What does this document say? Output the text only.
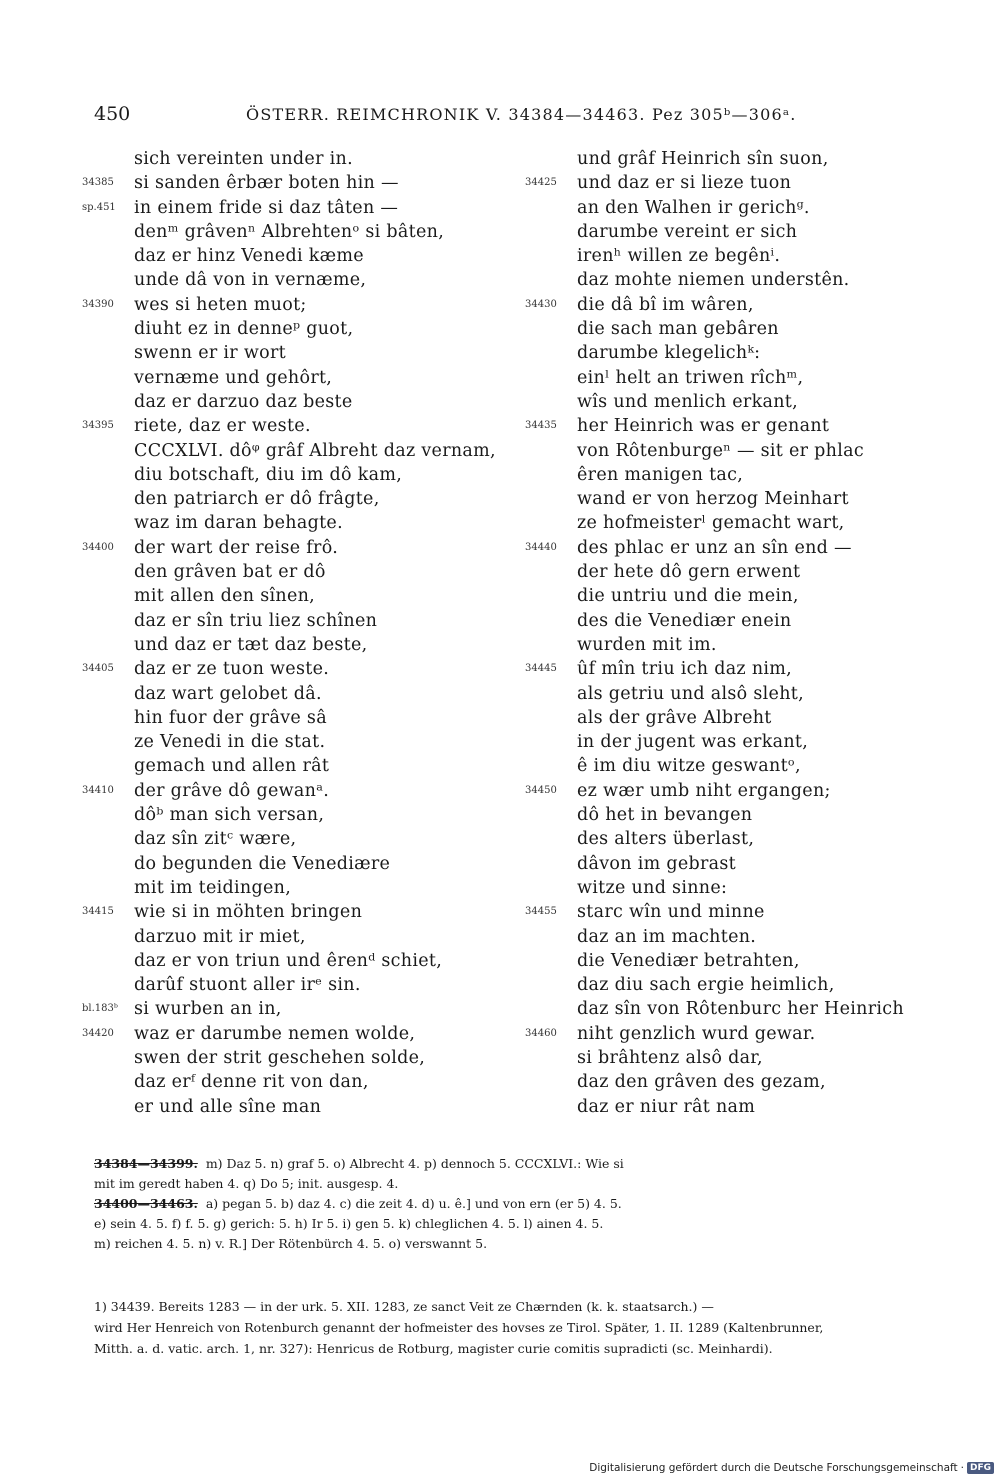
450	ÖSTERR. REIMCHRONIK V. 34384—34463. Pez 305ᵇ—306ᵃ.
sich vereinten under in.
34385	si sanden êrbær boten hin —
sp.451	in einem fride si daz tâten —
denᵐ grâvenⁿ Albrehtenᵒ si bâten,
daz er hinz Venedi kæme
unde dâ von in vernæme,
34390	wes si heten muot;
diuht ez in denneᵖ guot,
swenn er ir wort
vernæme und gehôrt,
daz er darzuo daz beste
34395	riete, daz er weste.
CCCXLVI. dôᵠ grâf Albreht daz vernam,
diu botschaft, diu im dô kam,
den patriarch er dô frâgte,
waz im daran behagte.
34400	der wart der reise frô.
den grâven bat er dô
mit allen den sînen,
daz er sîn triu liez schînen
und daz er tæt daz beste,
34405	daz er ze tuon weste.
daz wart gelobet dâ.
hin fuor der grâve sâ
ze Venedi in die stat.
gemach und allen rât
34410	der grâve dô gewanᵃ.
dôᵇ man sich versan,
daz sîn zitᶜ wære,
do begunden die Venediære
mit im teidingen,
34415	wie si in möhten bringen
darzuo mit ir miet,
daz er von triun und êrenᵈ schiet,
darûf stuont aller irᵉ sin.
bl.183ᵇ si wurben an in,
34420	waz er darumbe nemen wolde,
swen der strit geschehen solde,
daz erᶠ denne rit von dan,
er und alle sîne man
und grâf Heinrich sîn suon,
34425	und daz er si lieze tuon
an den Walhen ir gerichᵍ.
darumbe vereint er sich
irenʰ willen ze begênⁱ.
daz mohte niemen understên.
34430	die dâ bî im wâren,
die sach man gebâren
darumbe klegelichᵏ:
einˡ helt an triwen rîchᵐ,
wîs und menlich erkant,
34435	her Heinrich was er genant
von Rôtenburgeⁿ — sit er phlac
êren manigen tac,
wand er von herzog Meinhart
ze hofmeisterˡ gemacht wart,
34440	des phlac er unz an sîn end —
der hete dô gern erwent
die untriu und die mein,
des die Venediær enein
wurden mit im.
34445	ûf mîn triu ich daz nim,
als getriu und alsô sleht,
als der grâve Albreht
in der jugent was erkant,
ê im diu witze geswantᵒ,
34450	ez wær umb niht ergangen;
dô het in bevangen
des alters überlast,
dâvon im gebrast
witze und sinne:
34455	starc wîn und minne
daz an im machten.
die Venediær betrahten,
daz diu sach ergie heimlich,
daz sîn von Rôtenburc her Heinrich
34460	niht genzlich wurd gewar.
si brâhtenz alsô dar,
daz den grâven des gezam,
daz er niur rât nam
34384—34399. m) Daz 5. n) graf 5. o) Albrecht 4. p) dennoch 5. CCCXLVI.: Wie si
mit im geredt haben 4. q) Do 5; init. ausgesp. 4.
34400—34463. a) pegan 5. b) daz 4. c) die zeit 4. d) u. ê.] und von ern (er 5) 4. 5.
e) sein 4. 5. f) f. 5. g) gerich: 5. h) Ir 5. i) gen 5. k) chleglichen 4. 5. l) ainen 4. 5.
m) reichen 4. 5. n) v. R.] Der Rötenbürch 4. 5. o) verswannt 5.
1) 34439. Bereits 1283 — in der urk. 5. XII. 1283, ze sanct Veit ze Chærnden (k. k. staatsarch.) —
wird Her Henreich von Rotenburch genannt der hofmeister des hovses ze Tirol. Später, 1. II. 1289 (Kaltenbrunner,
Mitth. a. d. vatic. arch. 1, nr. 327): Henricus de Rotburg, magister curie comitis supradicti (sc. Meinhardi).
Digitalisierung gefördert durch die Deutsche Forschungsgemeinschaft · DFG
